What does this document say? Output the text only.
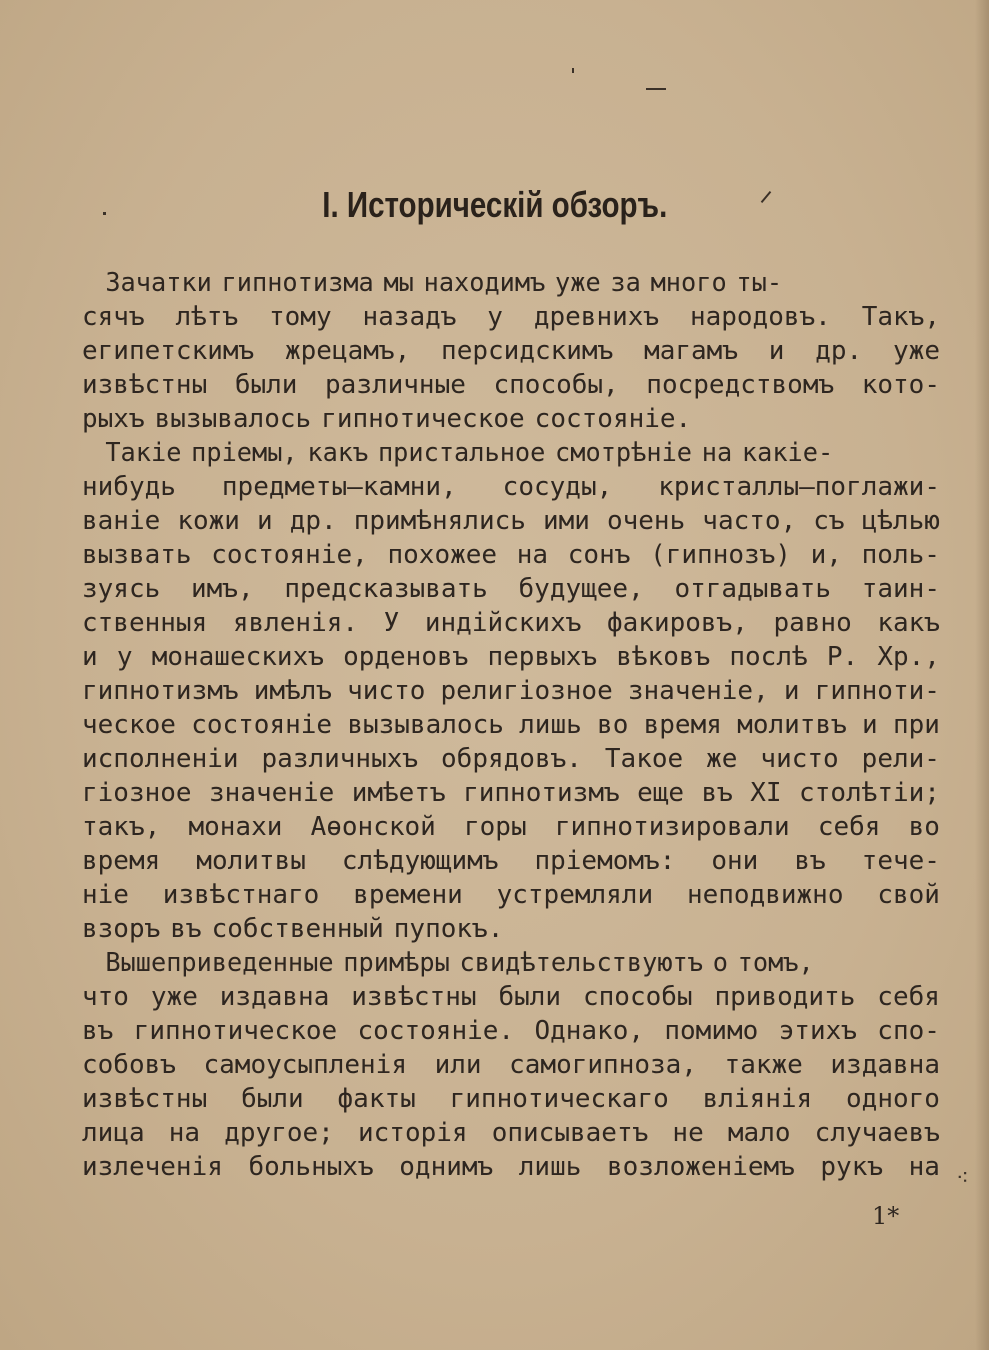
I. Историческій обзоръ.
Зачатки гипнотизма мы находимъ уже за много ты-
сячъ лѣтъ тому назадъ у древнихъ народовъ. Такъ,
египетскимъ жрецамъ, персидскимъ магамъ и др. уже
извѣстны были различные способы, посредствомъ кото-
рыхъ вызывалось гипнотическое состояніе.
Такіе пріемы, какъ пристальное смотрѣніе на какіе-
нибудь предметы—камни, сосуды, кристаллы—поглажи-
ваніе кожи и др. примѣнялись ими очень часто, съ цѣлью
вызвать состояніе, похожее на сонъ (гипнозъ) и, поль-
зуясь имъ, предсказывать будущее, отгадывать таин-
ственныя явленія. У индійскихъ факировъ, равно какъ
и у монашескихъ орденовъ первыхъ вѣковъ послѣ Р. Хр.,
гипнотизмъ имѣлъ чисто религіозное значеніе, и гипноти-
ческое состояніе вызывалось лишь во время молитвъ и при
исполненіи различныхъ обрядовъ. Такое же чисто рели-
гіозное значеніе имѣетъ гипнотизмъ еще въ XI столѣтіи;
такъ, монахи Аѳонской горы гипнотизировали себя во
время молитвы слѣдующимъ пріемомъ: они въ тече-
ніе извѣстнаго времени устремляли неподвижно свой
взоръ въ собственный пупокъ.
Вышеприведенные примѣры свидѣтельствуютъ о томъ,
что уже издавна извѣстны были способы приводить себя
въ гипнотическое состояніе. Однако, помимо этихъ спо-
собовъ самоусыпленія или самогипноза, также издавна
извѣстны были факты гипнотическаго вліянія одного
лица на другое; исторія описываетъ не мало случаевъ
излеченія больныхъ однимъ лишь возложеніемъ рукъ на ⁖
1*
